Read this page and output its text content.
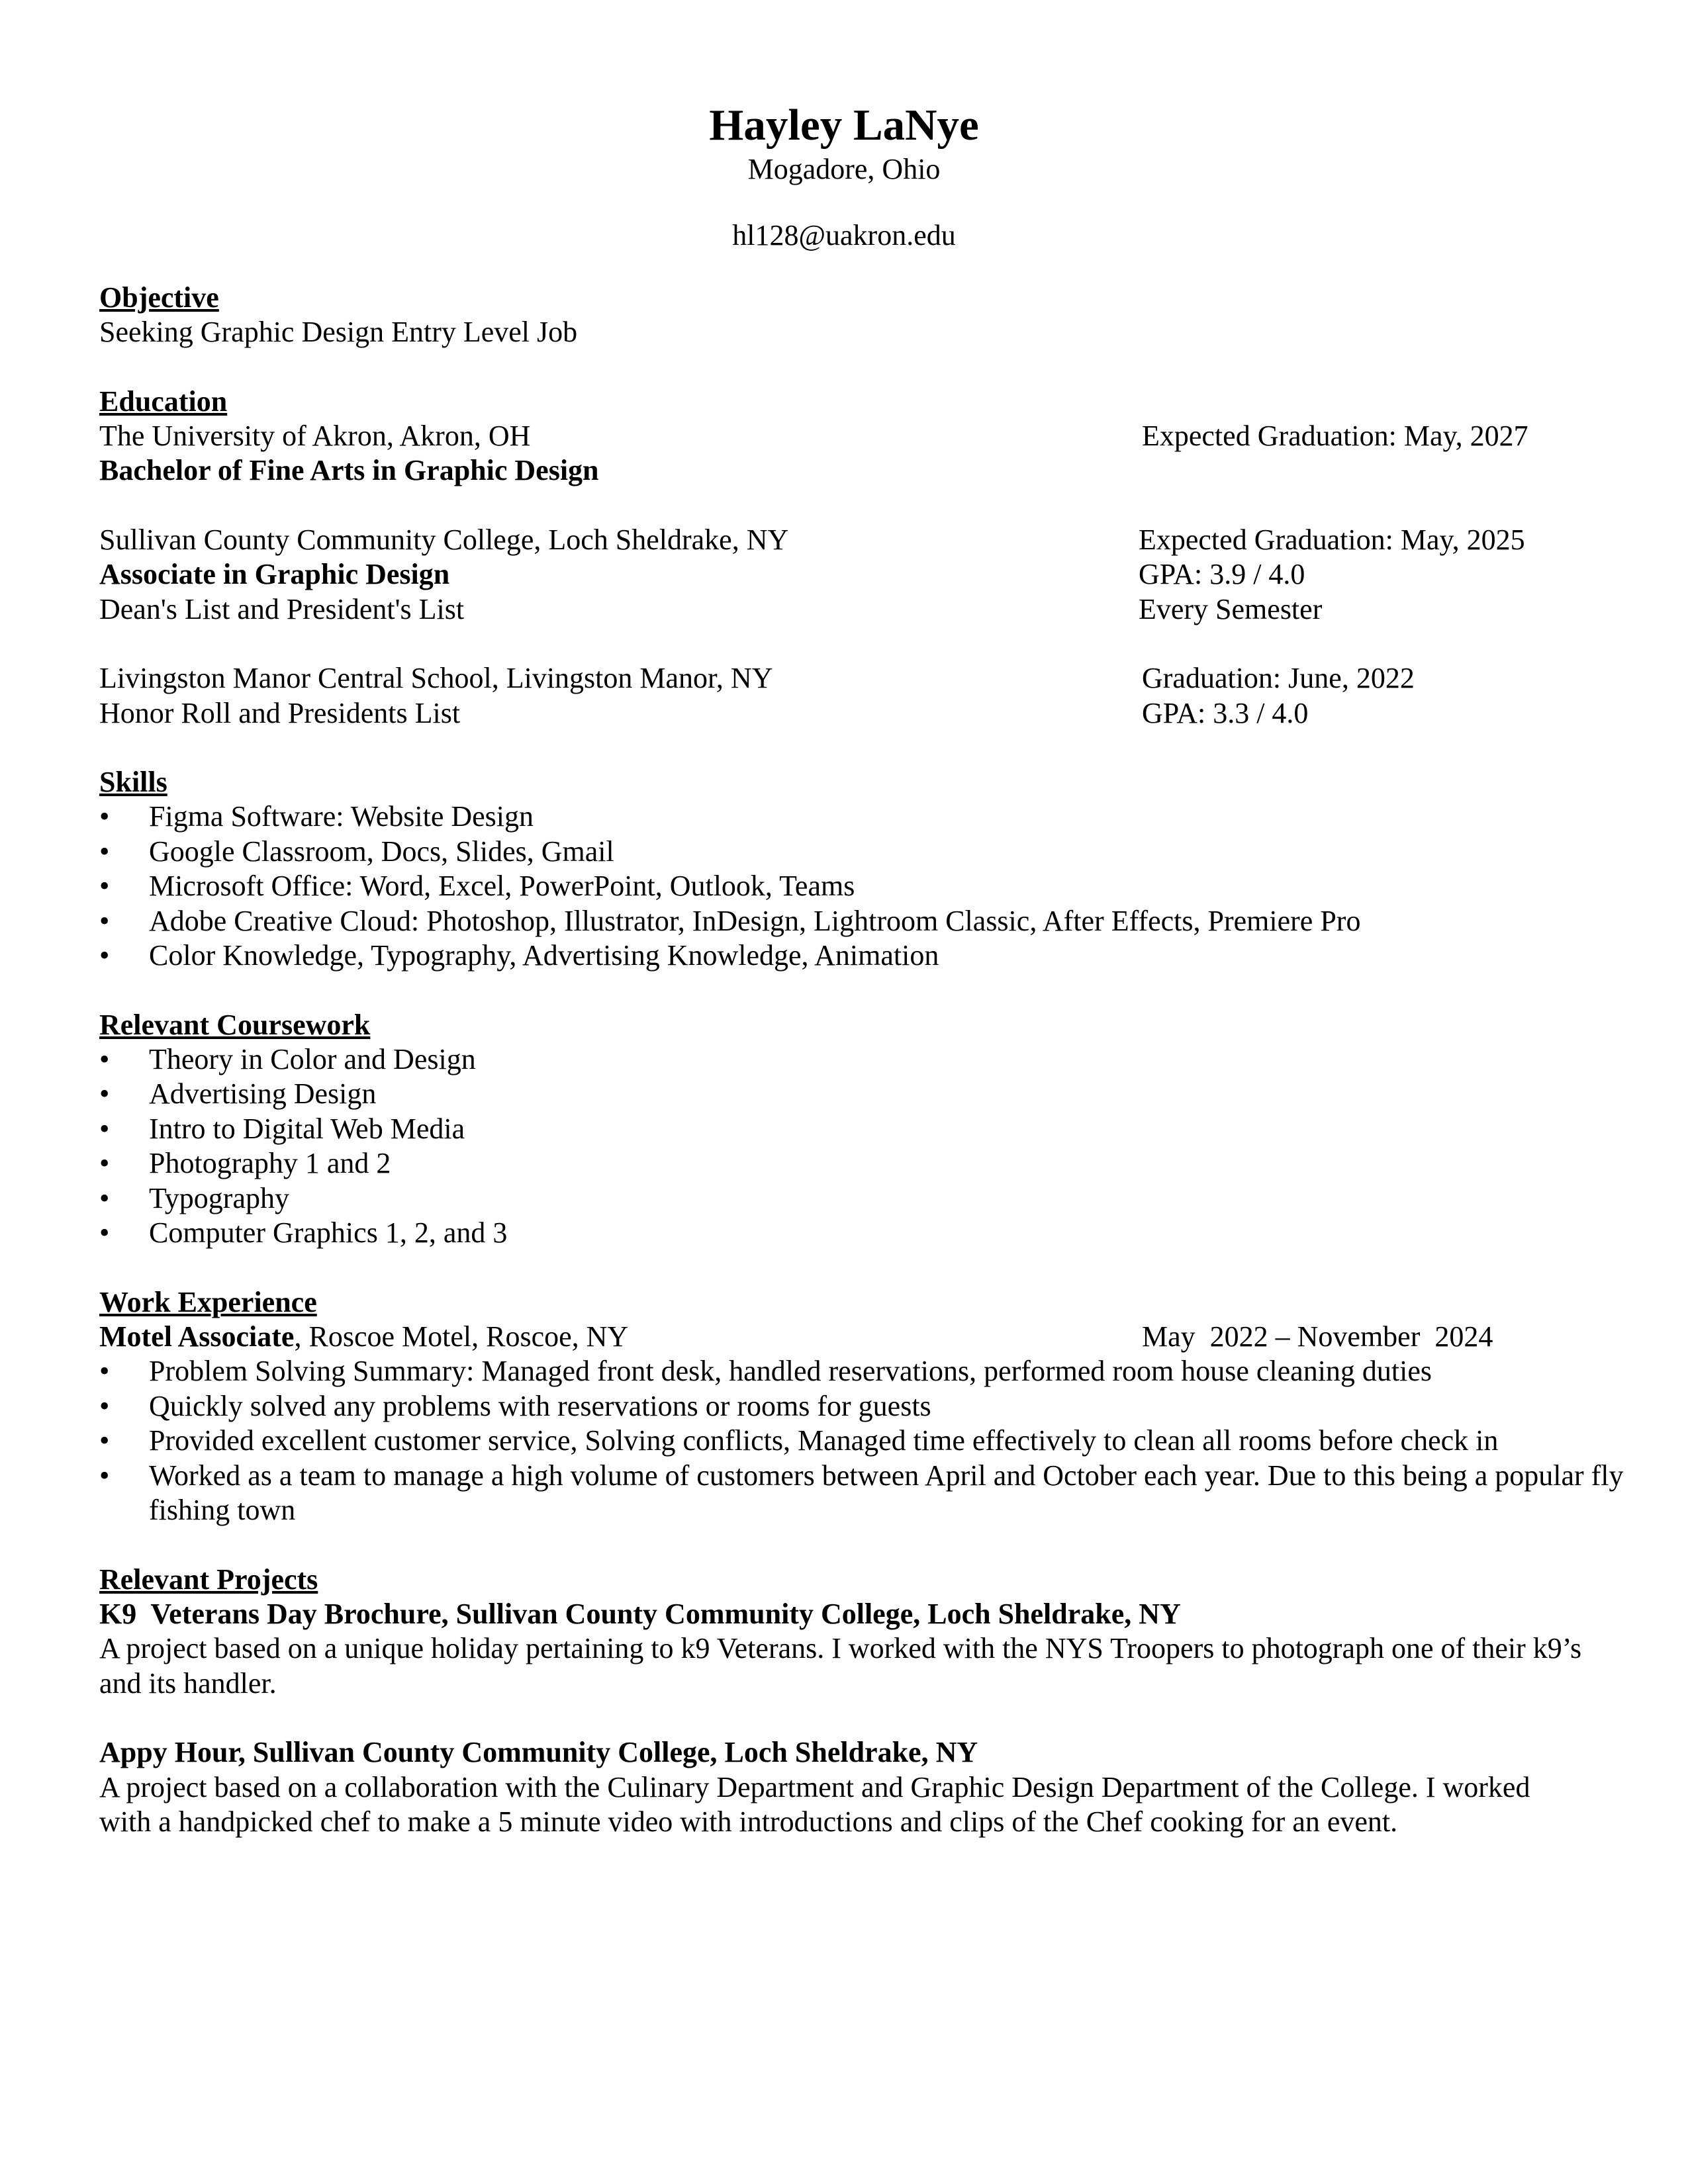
Hayley LaNye
Mogadore, Ohio
hl128@uakron.edu
Objective
Seeking Graphic Design Entry Level Job
Education
The University of Akron, Akron, OH	Expected Graduation: May, 2027
Bachelor of Fine Arts in Graphic Design
Sullivan County Community College, Loch Sheldrake, NY	Expected Graduation: May, 2025
Associate in Graphic Design	GPA: 3.9 / 4.0
Dean's List and President's List	Every Semester
Livingston Manor Central School, Livingston Manor, NY	Graduation: June, 2022
Honor Roll and Presidents List	GPA: 3.3 / 4.0
Skills
• Figma Software: Website Design
• Google Classroom, Docs, Slides, Gmail
• Microsoft Office: Word, Excel, PowerPoint, Outlook, Teams
• Adobe Creative Cloud: Photoshop, Illustrator, InDesign, Lightroom Classic, After Effects, Premiere Pro
• Color Knowledge, Typography, Advertising Knowledge, Animation
Relevant Coursework
• Theory in Color and Design
• Advertising Design
• Intro to Digital Web Media
• Photography 1 and 2
• Typography
• Computer Graphics 1, 2, and 3
Work Experience
Motel Associate, Roscoe Motel, Roscoe, NY	May  2022 – November  2024
• Problem Solving Summary: Managed front desk, handled reservations, performed room house cleaning duties
• Quickly solved any problems with reservations or rooms for guests
• Provided excellent customer service, Solving conflicts, Managed time effectively to clean all rooms before check in
• Worked as a team to manage a high volume of customers between April and October each year. Due to this being a popular fly fishing town
Relevant Projects
K9  Veterans Day Brochure, Sullivan County Community College, Loch Sheldrake, NY
A project based on a unique holiday pertaining to k9 Veterans. I worked with the NYS Troopers to photograph one of their k9’s and its handler.
Appy Hour, Sullivan County Community College, Loch Sheldrake, NY
A project based on a collaboration with the Culinary Department and Graphic Design Department of the College. I worked with a handpicked chef to make a 5 minute video with introductions and clips of the Chef cooking for an event.
